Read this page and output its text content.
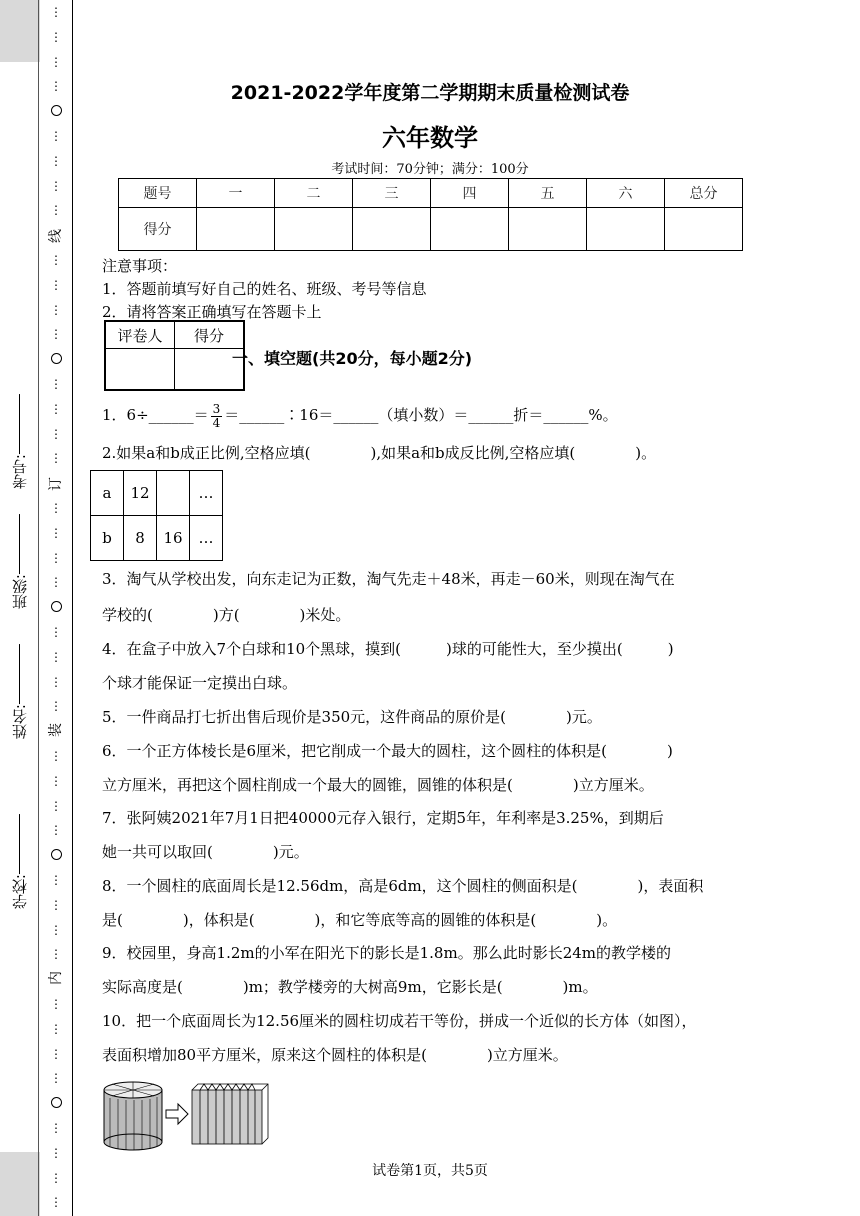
学校:
姓名:
班级:
考号:
⋮
⋮
⋮
⋮
⋮
⋮
⋮
⋮
⋮
⋮
⋮
⋮
⋮
⋮
⋮
⋮
⋮
⋮
⋮
⋮
⋮
⋮
⋮
⋮
⋮
⋮
⋮
⋮
⋮
⋮
⋮
⋮
⋮
⋮
⋮
⋮
⋮
⋮
⋮
⋮
线
订
装
内
2021-2022学年度第二学期期末质量检测试卷
六年数学
考试时间：70分钟；满分：100分
题号	一	二	三	四	五	六	总分
得分							
注意事项：
1．答题前填写好自己的姓名、班级、考号等信息
2．请将答案正确填写在答题卡上
评卷人	得分

一、填空题(共20分，每小题2分)
1．6÷______＝ $\frac{3}{4}$ ＝______∶16＝______（填小数）＝______折＝______%。
2.如果a和b成正比例,空格应填(　　　　),如果a和b成反比例,空格应填(　　　　)。
a	12		…
b	8	16	…
3．淘气从学校出发，向东走记为正数，淘气先走＋48米，再走－60米，则现在淘气在
学校的(　　　　)方(　　　　)米处。
4．在盒子中放入7个白球和10个黑球，摸到(　　　)球的可能性大，至少摸出(　　　)
个球才能保证一定摸出白球。
5．一件商品打七折出售后现价是350元，这件商品的原价是(　　　　)元。
6．一个正方体棱长是6厘米，把它削成一个最大的圆柱，这个圆柱的体积是(　　　　)
立方厘米，再把这个圆柱削成一个最大的圆锥，圆锥的体积是(　　　　)立方厘米。
7．张阿姨2021年7月1日把40000元存入银行，定期5年，年利率是3.25%，到期后
她一共可以取回(　　　　)元。
8．一个圆柱的底面周长是12.56dm，高是6dm，这个圆柱的侧面积是(　　　　)，表面积
是(　　　　)，体积是(　　　　)，和它等底等高的圆锥的体积是(　　　　)。
9．校园里，身高1.2m的小军在阳光下的影长是1.8m。那么此时影长24m的教学楼的
实际高度是(　　　　)m；教学楼旁的大树高9m，它影长是(　　　　)m。
10．把一个底面周长为12.56厘米的圆柱切成若干等份，拼成一个近似的长方体（如图），
表面积增加80平方厘米，原来这个圆柱的体积是(　　　　)立方厘米。
试卷第1页，共5页
